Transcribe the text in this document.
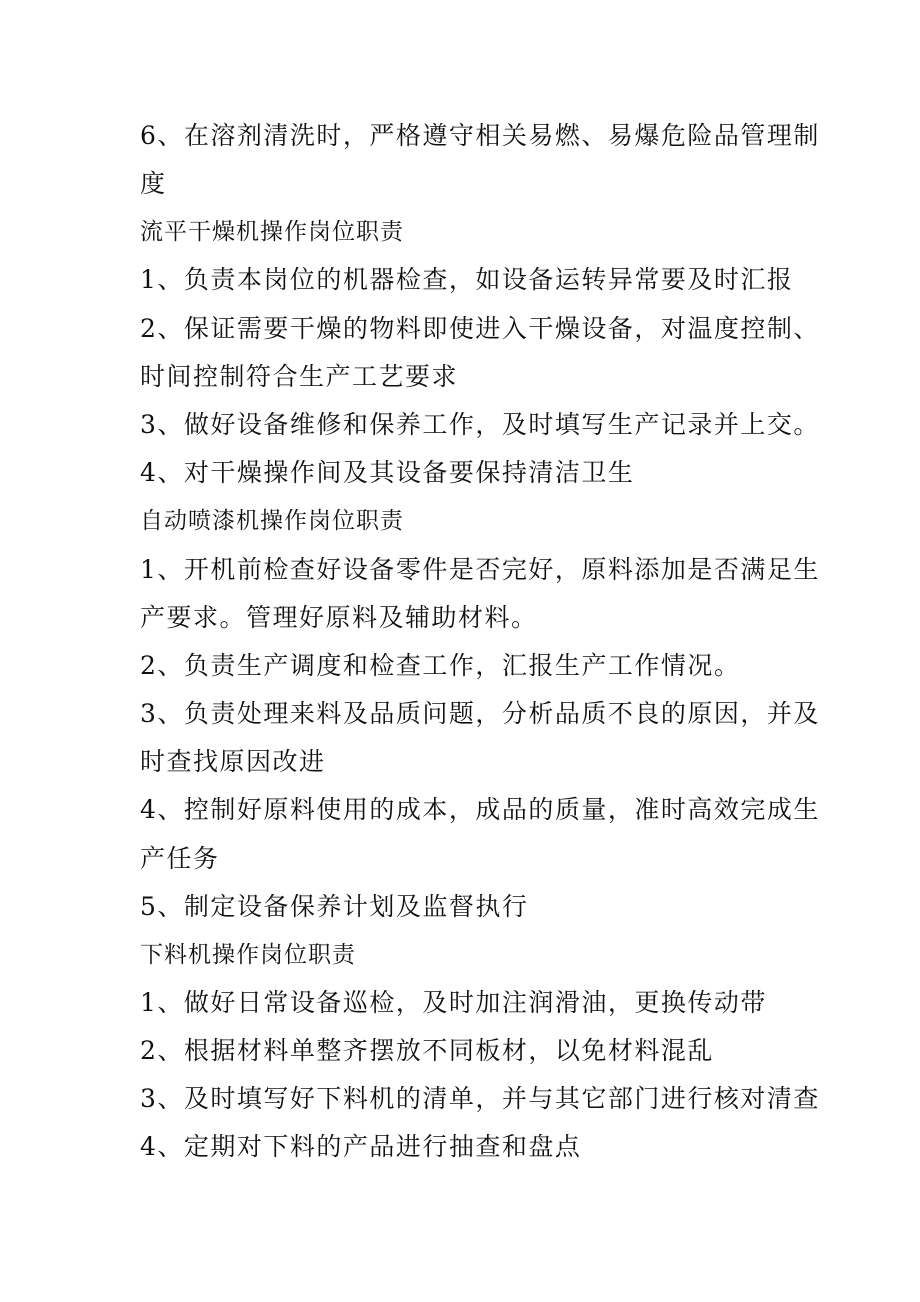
6、在溶剂清洗时，严格遵守相关易燃、易爆危险品管理制
度
流平干燥机操作岗位职责
1、负责本岗位的机器检查，如设备运转异常要及时汇报
2、保证需要干燥的物料即使进入干燥设备，对温度控制、
时间控制符合生产工艺要求
3、做好设备维修和保养工作，及时填写生产记录并上交。
4、对干燥操作间及其设备要保持清洁卫生
自动喷漆机操作岗位职责
1、开机前检查好设备零件是否完好，原料添加是否满足生
产要求。管理好原料及辅助材料。
2、负责生产调度和检查工作，汇报生产工作情况。
3、负责处理来料及品质问题，分析品质不良的原因，并及
时查找原因改进
4、控制好原料使用的成本，成品的质量，准时高效完成生
产任务
5、制定设备保养计划及监督执行
下料机操作岗位职责
1、做好日常设备巡检，及时加注润滑油，更换传动带
2、根据材料单整齐摆放不同板材，以免材料混乱
3、及时填写好下料机的清单，并与其它部门进行核对清查
4、定期对下料的产品进行抽查和盘点
